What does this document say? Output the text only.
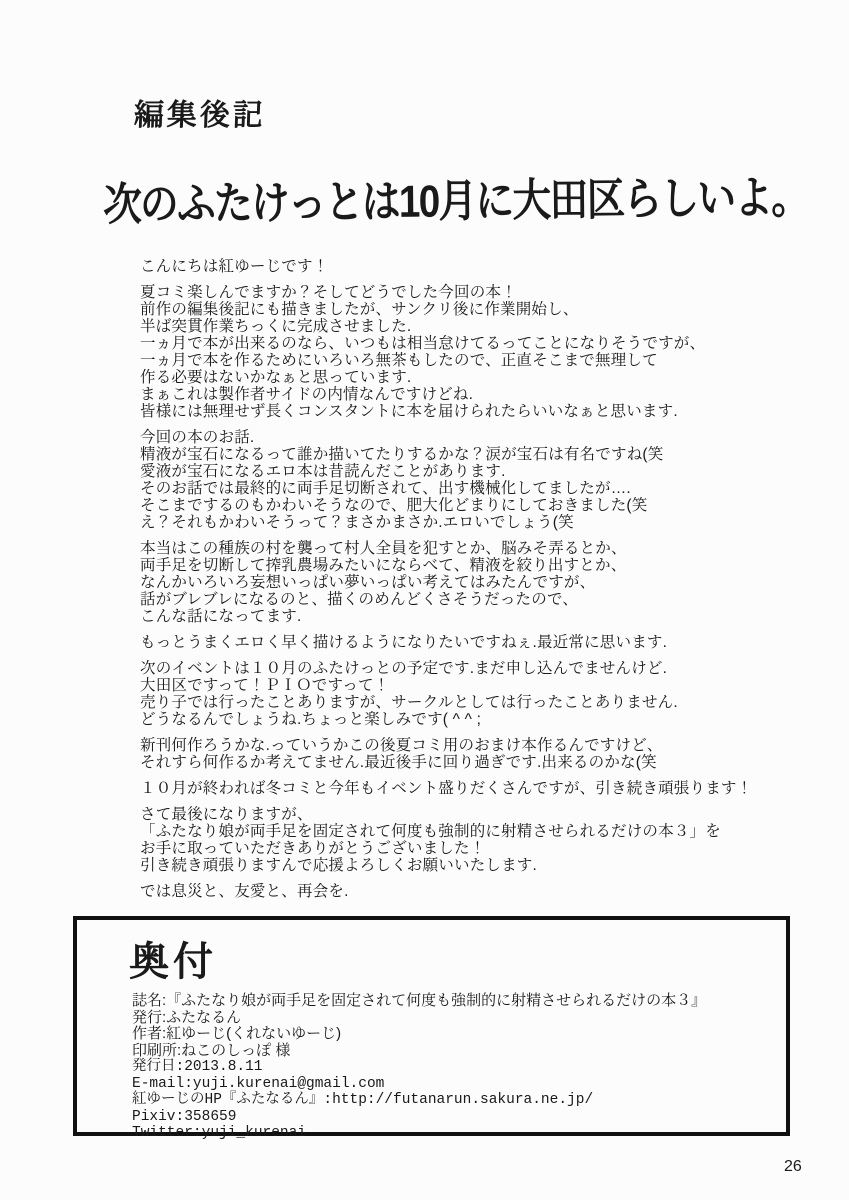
編集後記
次のふたけっとは10月に大田区らしいよ。
こんにちは紅ゆーじです！
夏コミ楽しんでますか？そしてどうでした今回の本！
前作の編集後記にも描きましたが、サンクリ後に作業開始し、
半ば突貫作業ちっくに完成させました.
一ヵ月で本が出来るのなら、いつもは相当怠けてるってことになりそうですが、
一ヵ月で本を作るためにいろいろ無茶もしたので、正直そこまで無理して
作る必要はないかなぁと思っています.
まぁこれは製作者サイドの内情なんですけどね.
皆様には無理せず長くコンスタントに本を届けられたらいいなぁと思います.
今回の本のお話.
精液が宝石になるって誰か描いてたりするかな？涙が宝石は有名ですね(笑
愛液が宝石になるエロ本は昔読んだことがあります.
そのお話では最終的に両手足切断されて、出す機械化してましたが….
そこまでするのもかわいそうなので、肥大化どまりにしておきました(笑
え？それもかわいそうって？まさかまさか.エロいでしょう(笑
本当はこの種族の村を襲って村人全員を犯すとか、脳みそ弄るとか、
両手足を切断して搾乳農場みたいにならべて、精液を絞り出すとか、
なんかいろいろ妄想いっぱい夢いっぱい考えてはみたんですが、
話がブレブレになるのと、描くのめんどくさそうだったので、
こんな話になってます.
もっとうまくエロく早く描けるようになりたいですねぇ.最近常に思います.
次のイベントは１０月のふたけっとの予定です.まだ申し込んでませんけど.
大田区ですって！ＰＩＯですって！
売り子では行ったことありますが、サークルとしては行ったことありません.
どうなるんでしょうね.ちょっと楽しみです( ^ ^ ;
新刊何作ろうかな.っていうかこの後夏コミ用のおまけ本作るんですけど、
それすら何作るか考えてません.最近後手に回り過ぎです.出来るのかな(笑
１０月が終われば冬コミと今年もイベント盛りだくさんですが、引き続き頑張ります！
さて最後になりますが、
「ふたなり娘が両手足を固定されて何度も強制的に射精させられるだけの本３」を
お手に取っていただきありがとうございました！
引き続き頑張りますんで応援よろしくお願いいたします.
では息災と、友愛と、再会を.
奥付
誌名:『ふたなり娘が両手足を固定されて何度も強制的に射精させられるだけの本３』
発行:ふたなるん
作者:紅ゆーじ(くれないゆーじ)
印刷所:ねこのしっぽ 様
発行日:2013.8.11
E-mail:yuji.kurenai@gmail.com
紅ゆーじのHP『ふたなるん』:http://futanarun.sakura.ne.jp/
Pixiv:358659
Twitter:yuji_kurenai
26
